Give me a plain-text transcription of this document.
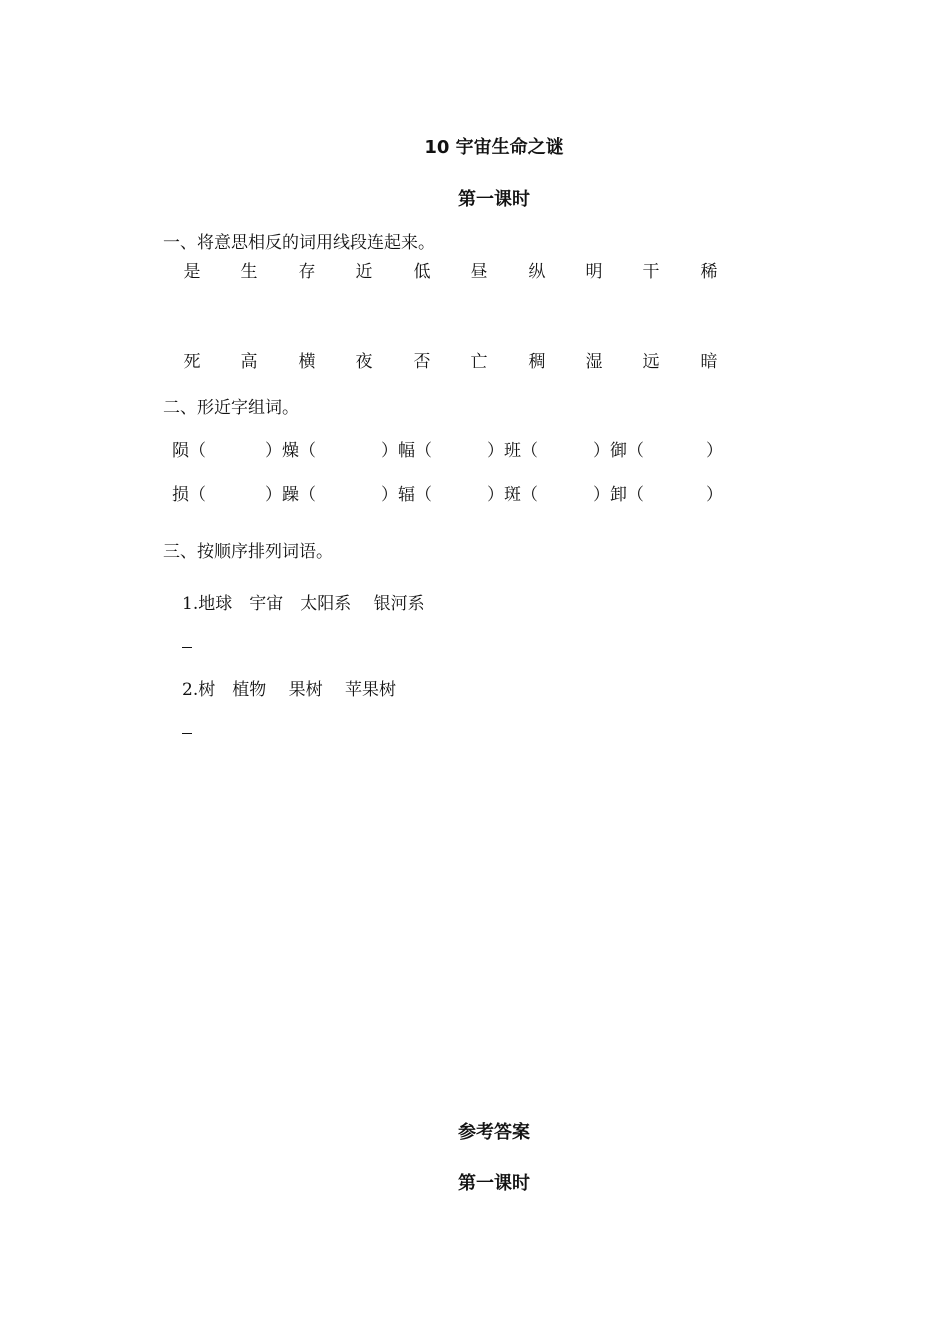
10 宇宙生命之谜
第一课时
一、将意思相反的词用线段连起来。
是 生 存 近 低 昼 纵 明 干 稀
死 高 横 夜 否 亡 稠 湿 远 暗
二、形近字组词。
陨（	）燥（	）幅（	）班（	）御（	）
损（	）躁（	）辐（	）斑（	）卸（	）
三、按顺序排列词语。
1.地球　宇宙　太阳系　 银河系
2.树　植物　 果树　 苹果树
参考答案
第一课时
